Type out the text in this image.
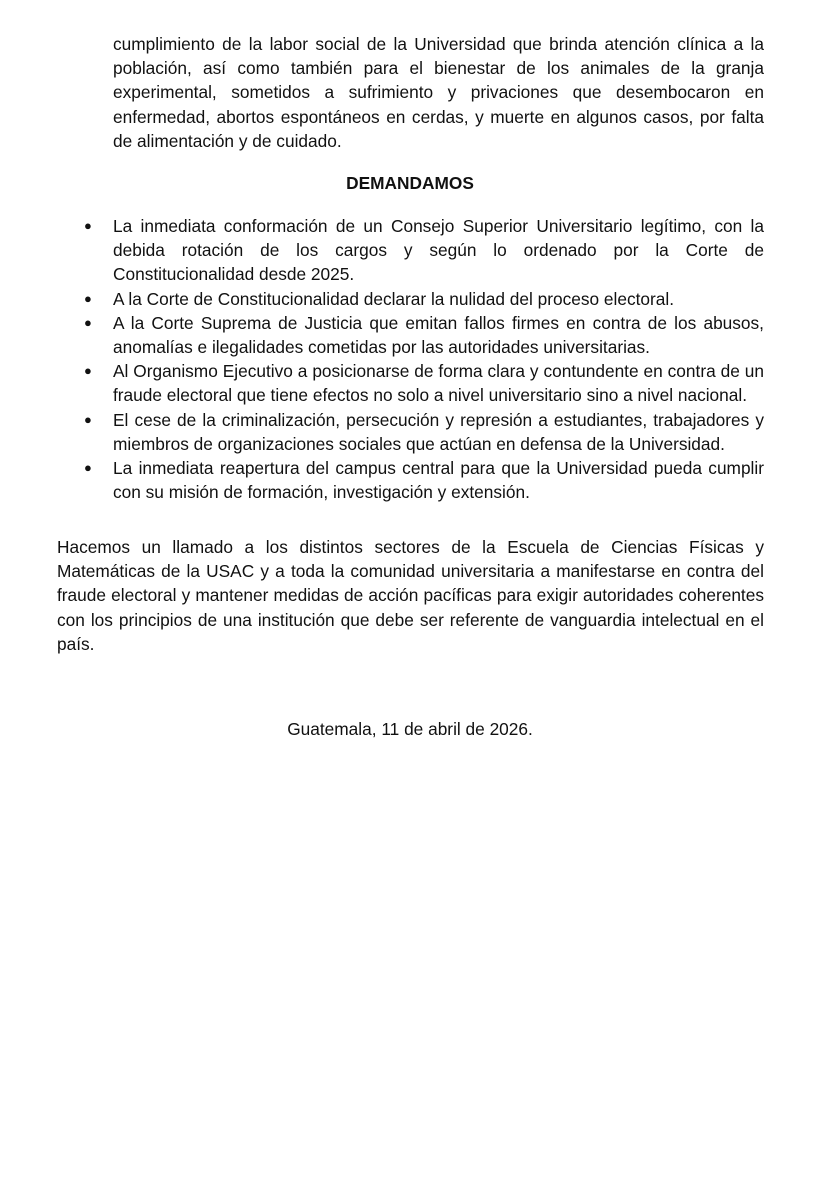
cumplimiento de la labor social de la Universidad que brinda atención clínica a la población, así como también para el bienestar de los animales de la granja experimental, sometidos a sufrimiento y privaciones que desembocaron en enfermedad, abortos espontáneos en cerdas, y muerte en algunos casos, por falta de alimentación y de cuidado.

DEMANDAMOS

● La inmediata conformación de un Consejo Superior Universitario legítimo, con la debida rotación de los cargos y según lo ordenado por la Corte de Constitucionalidad desde 2025.
● A la Corte de Constitucionalidad declarar la nulidad del proceso electoral.
● A la Corte Suprema de Justicia que emitan fallos firmes en contra de los abusos, anomalías e ilegalidades cometidas por las autoridades universitarias.
● Al Organismo Ejecutivo a posicionarse de forma clara y contundente en contra de un fraude electoral que tiene efectos no solo a nivel universitario sino a nivel nacional.
● El cese de la criminalización, persecución y represión a estudiantes, trabajadores y miembros de organizaciones sociales que actúan en defensa de la Universidad.
● La inmediata reapertura del campus central para que la Universidad pueda cumplir con su misión de formación, investigación y extensión.

Hacemos un llamado a los distintos sectores de la Escuela de Ciencias Físicas y Matemáticas de la USAC y a toda la comunidad universitaria a manifestarse en contra del fraude electoral y mantener medidas de acción pacíficas para exigir autoridades coherentes con los principios de una institución que debe ser referente de vanguardia intelectual en el país.

Guatemala, 11 de abril de 2026.
